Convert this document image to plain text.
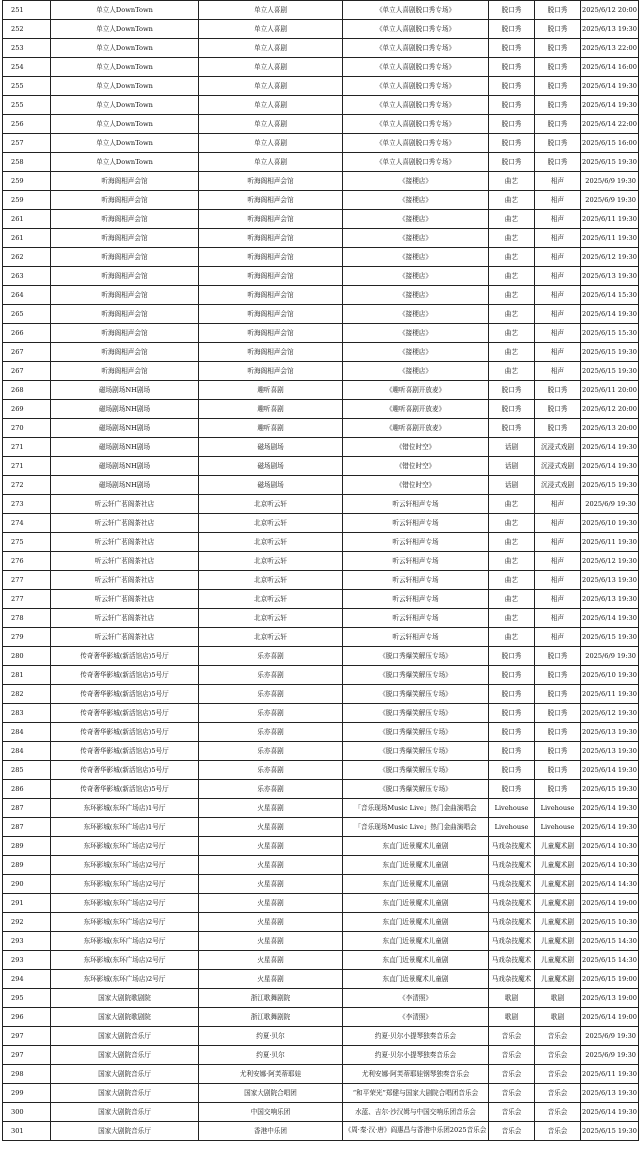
251	单立人DownTown	单立人喜剧	《单立人喜剧脱口秀专场》	脱口秀	脱口秀	2025/6/12 20:00
252	单立人DownTown	单立人喜剧	《单立人喜剧脱口秀专场》	脱口秀	脱口秀	2025/6/13 19:30
253	单立人DownTown	单立人喜剧	《单立人喜剧脱口秀专场》	脱口秀	脱口秀	2025/6/13 22:00
254	单立人DownTown	单立人喜剧	《单立人喜剧脱口秀专场》	脱口秀	脱口秀	2025/6/14 16:00
255	单立人DownTown	单立人喜剧	《单立人喜剧脱口秀专场》	脱口秀	脱口秀	2025/6/14 19:30
255	单立人DownTown	单立人喜剧	《单立人喜剧脱口秀专场》	脱口秀	脱口秀	2025/6/14 19:30
256	单立人DownTown	单立人喜剧	《单立人喜剧脱口秀专场》	脱口秀	脱口秀	2025/6/14 22:00
257	单立人DownTown	单立人喜剧	《单立人喜剧脱口秀专场》	脱口秀	脱口秀	2025/6/15 16:00
258	单立人DownTown	单立人喜剧	《单立人喜剧脱口秀专场》	脱口秀	脱口秀	2025/6/15 19:30
259	听海阁相声会馆	听海阁相声会馆	《接梗店》	曲艺	相声	2025/6/9 19:30
259	听海阁相声会馆	听海阁相声会馆	《接梗店》	曲艺	相声	2025/6/9 19:30
261	听海阁相声会馆	听海阁相声会馆	《接梗店》	曲艺	相声	2025/6/11 19:30
261	听海阁相声会馆	听海阁相声会馆	《接梗店》	曲艺	相声	2025/6/11 19:30
262	听海阁相声会馆	听海阁相声会馆	《接梗店》	曲艺	相声	2025/6/12 19:30
263	听海阁相声会馆	听海阁相声会馆	《接梗店》	曲艺	相声	2025/6/13 19:30
264	听海阁相声会馆	听海阁相声会馆	《接梗店》	曲艺	相声	2025/6/14 15:30
265	听海阁相声会馆	听海阁相声会馆	《接梗店》	曲艺	相声	2025/6/14 19:30
266	听海阁相声会馆	听海阁相声会馆	《接梗店》	曲艺	相声	2025/6/15 15:30
267	听海阁相声会馆	听海阁相声会馆	《接梗店》	曲艺	相声	2025/6/15 19:30
267	听海阁相声会馆	听海阁相声会馆	《接梗店》	曲艺	相声	2025/6/15 19:30
268	磁场剧场NH剧场	趣听喜剧	《趣听喜剧开放麦》	脱口秀	脱口秀	2025/6/11 20:00
269	磁场剧场NH剧场	趣听喜剧	《趣听喜剧开放麦》	脱口秀	脱口秀	2025/6/12 20:00
270	磁场剧场NH剧场	趣听喜剧	《趣听喜剧开放麦》	脱口秀	脱口秀	2025/6/13 20:00
271	磁场剧场NH剧场	磁场剧场	《错位时空》	话剧	沉浸式戏剧	2025/6/14 19:30
271	磁场剧场NH剧场	磁场剧场	《错位时空》	话剧	沉浸式戏剧	2025/6/14 19:30
272	磁场剧场NH剧场	磁场剧场	《错位时空》	话剧	沉浸式戏剧	2025/6/15 19:30
273	听云轩广茗阁茶社店	北京听云轩	听云轩相声专场	曲艺	相声	2025/6/9 19:30
274	听云轩广茗阁茶社店	北京听云轩	听云轩相声专场	曲艺	相声	2025/6/10 19:30
275	听云轩广茗阁茶社店	北京听云轩	听云轩相声专场	曲艺	相声	2025/6/11 19:30
276	听云轩广茗阁茶社店	北京听云轩	听云轩相声专场	曲艺	相声	2025/6/12 19:30
277	听云轩广茗阁茶社店	北京听云轩	听云轩相声专场	曲艺	相声	2025/6/13 19:30
277	听云轩广茗阁茶社店	北京听云轩	听云轩相声专场	曲艺	相声	2025/6/13 19:30
278	听云轩广茗阁茶社店	北京听云轩	听云轩相声专场	曲艺	相声	2025/6/14 19:30
279	听云轩广茗阁茶社店	北京听云轩	听云轩相声专场	曲艺	相声	2025/6/15 19:30
280	传奇奢华影城(新活馆店)5号厅	乐亦喜剧	《脱口秀爆笑解压专场》	脱口秀	脱口秀	2025/6/9 19:30
281	传奇奢华影城(新活馆店)5号厅	乐亦喜剧	《脱口秀爆笑解压专场》	脱口秀	脱口秀	2025/6/10 19:30
282	传奇奢华影城(新活馆店)5号厅	乐亦喜剧	《脱口秀爆笑解压专场》	脱口秀	脱口秀	2025/6/11 19:30
283	传奇奢华影城(新活馆店)5号厅	乐亦喜剧	《脱口秀爆笑解压专场》	脱口秀	脱口秀	2025/6/12 19:30
284	传奇奢华影城(新活馆店)5号厅	乐亦喜剧	《脱口秀爆笑解压专场》	脱口秀	脱口秀	2025/6/13 19:30
284	传奇奢华影城(新活馆店)5号厅	乐亦喜剧	《脱口秀爆笑解压专场》	脱口秀	脱口秀	2025/6/13 19:30
285	传奇奢华影城(新活馆店)5号厅	乐亦喜剧	《脱口秀爆笑解压专场》	脱口秀	脱口秀	2025/6/14 19:30
286	传奇奢华影城(新活馆店)5号厅	乐亦喜剧	《脱口秀爆笑解压专场》	脱口秀	脱口秀	2025/6/15 19:30
287	东环影城(东环广场店)1号厅	火星喜剧	「音乐现场Music Live」热门金曲演唱会	Livehouse	Livehouse	2025/6/14 19:30
287	东环影城(东环广场店)1号厅	火星喜剧	「音乐现场Music Live」热门金曲演唱会	Livehouse	Livehouse	2025/6/14 19:30
289	东环影城(东环广场店)2号厅	火星喜剧	东直门近景魔术儿童剧	马戏杂技魔术	儿童魔术剧	2025/6/14 10:30
289	东环影城(东环广场店)2号厅	火星喜剧	东直门近景魔术儿童剧	马戏杂技魔术	儿童魔术剧	2025/6/14 10:30
290	东环影城(东环广场店)2号厅	火星喜剧	东直门近景魔术儿童剧	马戏杂技魔术	儿童魔术剧	2025/6/14 14:30
291	东环影城(东环广场店)2号厅	火星喜剧	东直门近景魔术儿童剧	马戏杂技魔术	儿童魔术剧	2025/6/14 19:00
292	东环影城(东环广场店)2号厅	火星喜剧	东直门近景魔术儿童剧	马戏杂技魔术	儿童魔术剧	2025/6/15 10:30
293	东环影城(东环广场店)2号厅	火星喜剧	东直门近景魔术儿童剧	马戏杂技魔术	儿童魔术剧	2025/6/15 14:30
293	东环影城(东环广场店)2号厅	火星喜剧	东直门近景魔术儿童剧	马戏杂技魔术	儿童魔术剧	2025/6/15 14:30
294	东环影城(东环广场店)2号厅	火星喜剧	东直门近景魔术儿童剧	马戏杂技魔术	儿童魔术剧	2025/6/15 19:00
295	国家大剧院歌剧院	浙江歌舞剧院	《李清照》	歌剧	歌剧	2025/6/13 19:00
296	国家大剧院歌剧院	浙江歌舞剧院	《李清照》	歌剧	歌剧	2025/6/14 19:00
297	国家大剧院音乐厅	约夏·贝尔	约夏·贝尔小提琴独奏音乐会	音乐会	音乐会	2025/6/9 19:30
297	国家大剧院音乐厅	约夏·贝尔	约夏·贝尔小提琴独奏音乐会	音乐会	音乐会	2025/6/9 19:30
298	国家大剧院音乐厅	尤利安娜·阿芙蒂耶娃	尤利安娜·阿芙蒂耶娃钢琴独奏音乐会	音乐会	音乐会	2025/6/11 19:30
299	国家大剧院音乐厅	国家大剧院合唱团	“和平荣光”郑健与国家大剧院合唱团音乐会	音乐会	音乐会	2025/6/13 19:30
300	国家大剧院音乐厅	中国交响乐团	水蓝、吉尔·沙汉姆与中国交响乐团音乐会	音乐会	音乐会	2025/6/14 19:30
301	国家大剧院音乐厅	香港中乐团	《周·秦·汉·唐》阎惠昌与香港中乐团2025音乐会	音乐会	音乐会	2025/6/15 19:30
